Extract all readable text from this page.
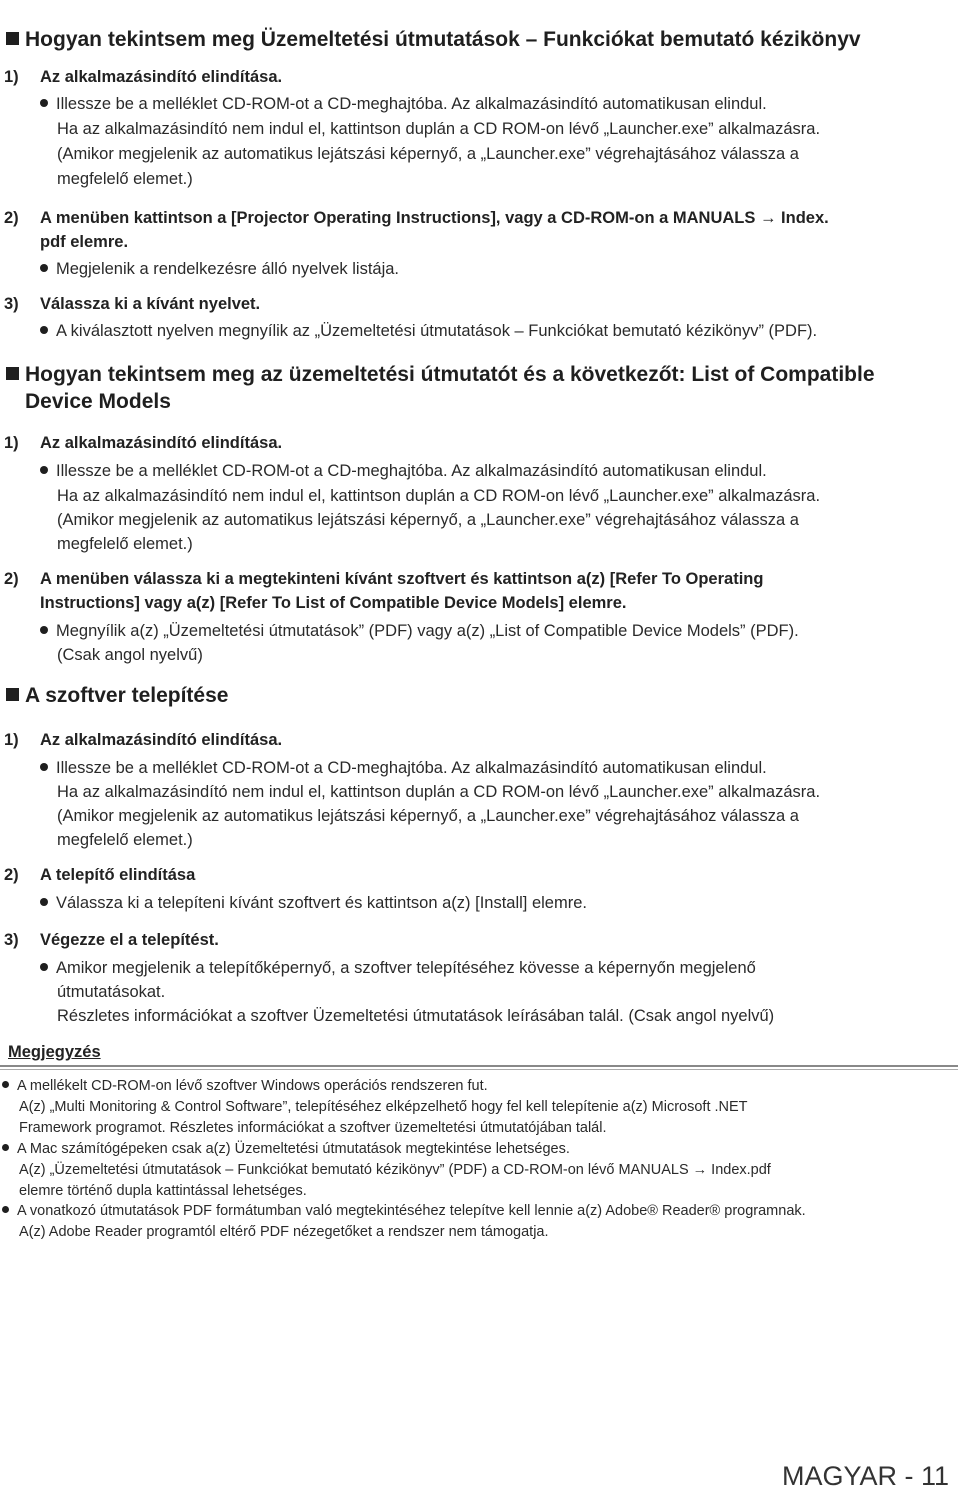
Hogyan tekintsem meg Üzemeltetési útmutatások – Funkciókat bemutató kézikönyv
1) Az alkalmazásindító elindítása.
Illessze be a melléklet CD-ROM-ot a CD-meghajtóba. Az alkalmazásindító automatikusan elindul.
Ha az alkalmazásindító nem indul el, kattintson duplán a CD ROM-on lévő „Launcher.exe” alkalmazásra.
(Amikor megjelenik az automatikus lejátszási képernyő, a „Launcher.exe” végrehajtásához válassza a
megfelelő elemet.)
2) A menüben kattintson a [Projector Operating Instructions], vagy a CD-ROM-on a MANUALS → Index.
pdf elemre.
Megjelenik a rendelkezésre álló nyelvek listája.
3) Válassza ki a kívánt nyelvet.
A kiválasztott nyelven megnyílik az „Üzemeltetési útmutatások – Funkciókat bemutató kézikönyv” (PDF).
Hogyan tekintsem meg az üzemeltetési útmutatót és a következőt: List of Compatible
Device Models
1) Az alkalmazásindító elindítása.
Illessze be a melléklet CD-ROM-ot a CD-meghajtóba. Az alkalmazásindító automatikusan elindul.
Ha az alkalmazásindító nem indul el, kattintson duplán a CD ROM-on lévő „Launcher.exe” alkalmazásra.
(Amikor megjelenik az automatikus lejátszási képernyő, a „Launcher.exe” végrehajtásához válassza a
megfelelő elemet.)
2) A menüben válassza ki a megtekinteni kívánt szoftvert és kattintson a(z) [Refer To Operating
Instructions] vagy a(z) [Refer To List of Compatible Device Models] elemre.
Megnyílik a(z) „Üzemeltetési útmutatások” (PDF) vagy a(z) „List of Compatible Device Models” (PDF).
(Csak angol nyelvű)
A szoftver telepítése
1) Az alkalmazásindító elindítása.
Illessze be a melléklet CD-ROM-ot a CD-meghajtóba. Az alkalmazásindító automatikusan elindul.
Ha az alkalmazásindító nem indul el, kattintson duplán a CD ROM-on lévő „Launcher.exe” alkalmazásra.
(Amikor megjelenik az automatikus lejátszási képernyő, a „Launcher.exe” végrehajtásához válassza a
megfelelő elemet.)
2) A telepítő elindítása
Válassza ki a telepíteni kívánt szoftvert és kattintson a(z) [Install] elemre.
3) Végezze el a telepítést.
Amikor megjelenik a telepítőképernyő, a szoftver telepítéséhez kövesse a képernyőn megjelenő
útmutatásokat.
Részletes információkat a szoftver Üzemeltetési útmutatások leírásában talál. (Csak angol nyelvű)
Megjegyzés
A mellékelt CD-ROM-on lévő szoftver Windows operációs rendszeren fut.
A(z) „Multi Monitoring & Control Software”, telepítéséhez elképzelhető hogy fel kell telepítenie a(z) Microsoft .NET
Framework programot. Részletes információkat a szoftver üzemeltetési útmutatójában talál.
A Mac számítógépeken csak a(z) Üzemeltetési útmutatások megtekintése lehetséges.
A(z) „Üzemeltetési útmutatások – Funkciókat bemutató kézikönyv” (PDF) a CD-ROM-on lévő MANUALS → Index.pdf
elemre történő dupla kattintással lehetséges.
A vonatkozó útmutatások PDF formátumban való megtekintéséhez telepítve kell lennie a(z) Adobe® Reader® programnak.
A(z) Adobe Reader programtól eltérő PDF nézegetőket a rendszer nem támogatja.
MAGYAR - 11
